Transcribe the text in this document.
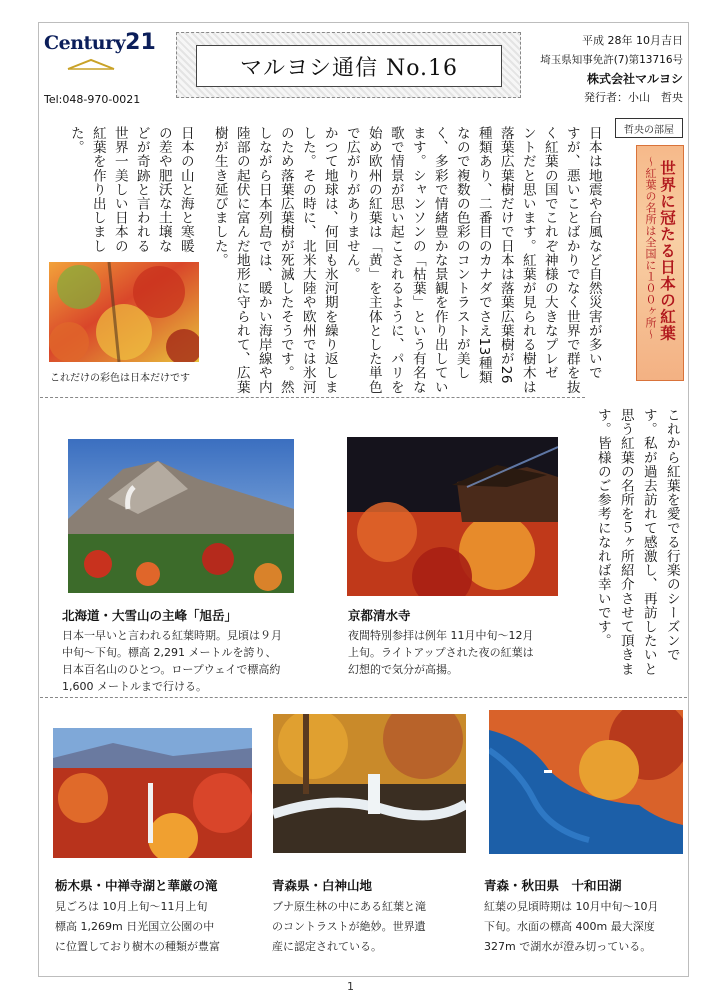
Century21
Tel:048-970-0021
マルヨシ通信 No.16
平成 28年 10月吉日
埼玉県知事免許(7)第13716号
株式会社マルヨシ
発行者：小山　哲央
哲央の部屋
世界に冠たる日本の紅葉
〜紅葉の名所は全国に１００ヶ所〜
日本は地震や台風など自然災害が多いで
すが、悪いことばかりでなく世界で群を抜
く紅葉の国でこれぞ神様の大きなプレゼ
ントだと思います。紅葉が見られる樹木は
落葉広葉樹だけで日本は落葉広葉樹が26
種類あり、二番目のカナダでさえ13種類
なので複数の色彩のコントラストが美し
く、多彩で情緒豊かな景観を作り出してい
ます。シャンソンの「枯葉」という有名な
歌で情景が思い起こされるように、パリを
始め欧州の紅葉は「黄」を主体とした単色
で広がりがありません。
かつて地球は、何回も氷河期を繰り返しま
した。その時に、北米大陸や欧州では氷河
のため落葉広葉樹が死滅したそうです。然
しながら日本列島では、暖かい海岸線や内
陸部の起伏に富んだ地形に守られて、広葉
樹が生き延びました。
日本の山と海と寒暖
の差や肥沃な土壌な
どが奇跡と言われる
世界一美しい日本の
紅葉を作り出しまし
た。
これだけの彩色は日本だけです
これから紅葉を愛でる行楽のシーズンで
す。私が過去訪れて感激し、再訪したいと
思う紅葉の名所を５ヶ所紹介させて頂きま
す。皆様のご参考になれば幸いです。
北海道・大雪山の主峰「旭岳」
日本一早いと言われる紅葉時期。見頃は９月
中旬〜下旬。標高 2,291 メートルを誇り、
日本百名山のひとつ。ロープウェイで標高約
1,600 メートルまで行ける。
京都清水寺
夜間特別参拝は例年 11月中旬〜12月
上旬。ライトアップされた夜の紅葉は
幻想的で気分が高揚。
栃木県・中禅寺湖と華厳の滝
見ごろは 10月上旬〜11月上旬
標高 1,269m 日光国立公園の中
に位置しており樹木の種類が豊富
青森県・白神山地
ブナ原生林の中にある紅葉と滝
のコントラストが絶妙。世界遺
産に認定されている。
青森・秋田県　十和田湖
紅葉の見頃時期は 10月中旬〜10月
下旬。水面の標高 400m 最大深度
327m で湖水が澄み切っている。
1
